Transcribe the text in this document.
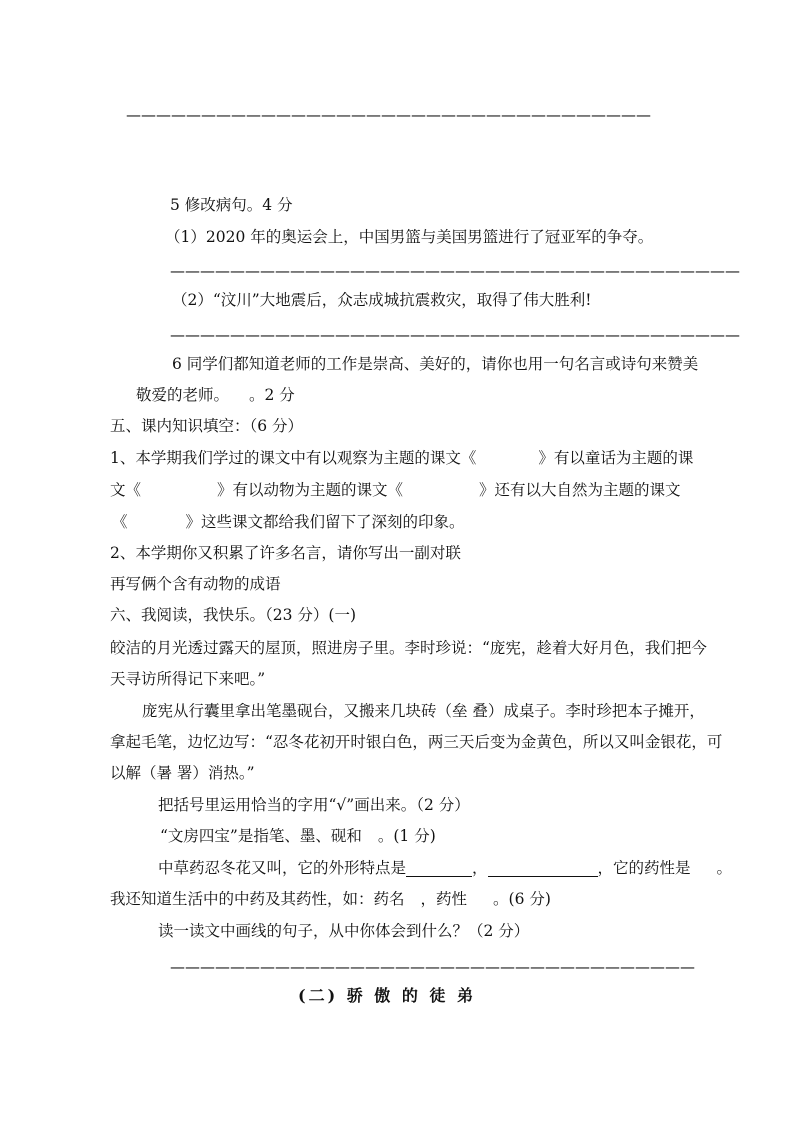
———————————————————————————————————
5 修改病句。4 分
（1）2020 年的奥运会上，中国男篮与美国男篮进行了冠亚军的争夺。
——————————————————————————————————————
（2）“汶川”大地震后，众志成城抗震救灾，取得了伟大胜利!
——————————————————————————————————————
6 同学们都知道老师的工作是崇高、美好的，请你也用一句名言或诗句来赞美
敬爱的老师。 。2 分
五、课内知识填空：（6 分）
1、本学期我们学过的课文中有以观察为主题的课文《	》有以童话为主题的课
文《	》有以动物为主题的课文《	》还有以大自然为主题的课文
《	》这些课文都给我们留下了深刻的印象。
2、本学期你又积累了许多名言，请你写出一副对联
再写俩个含有动物的成语
六、我阅读，我快乐。（23 分）(一)
皎洁的月光透过露天的屋顶，照进房子里。李时珍说：“庞宪，趁着大好月色，我们把今
天寻访所得记下来吧。”
庞宪从行囊里拿出笔墨砚台，又搬来几块砖（垒 叠）成桌子。李时珍把本子摊开，
拿起毛笔，边忆边写：“忍冬花初开时银白色，两三天后变为金黄色，所以又叫金银花，可
以解（暑 署）消热。”
把括号里运用恰当的字用“√”画出来。（2 分）
“文房四宝”是指笔、墨、砚和 。(1 分)
中草药忍冬花又叫，它的外形特点是	，	，它的药性是 。
我还知道生活中的中药及其药性，如：药名 ，药性 。(6 分)
读一读文中画线的句子，从中你体会到什么？（2 分）
———————————————————————————————————
(二) 骄 傲 的 徒 弟
